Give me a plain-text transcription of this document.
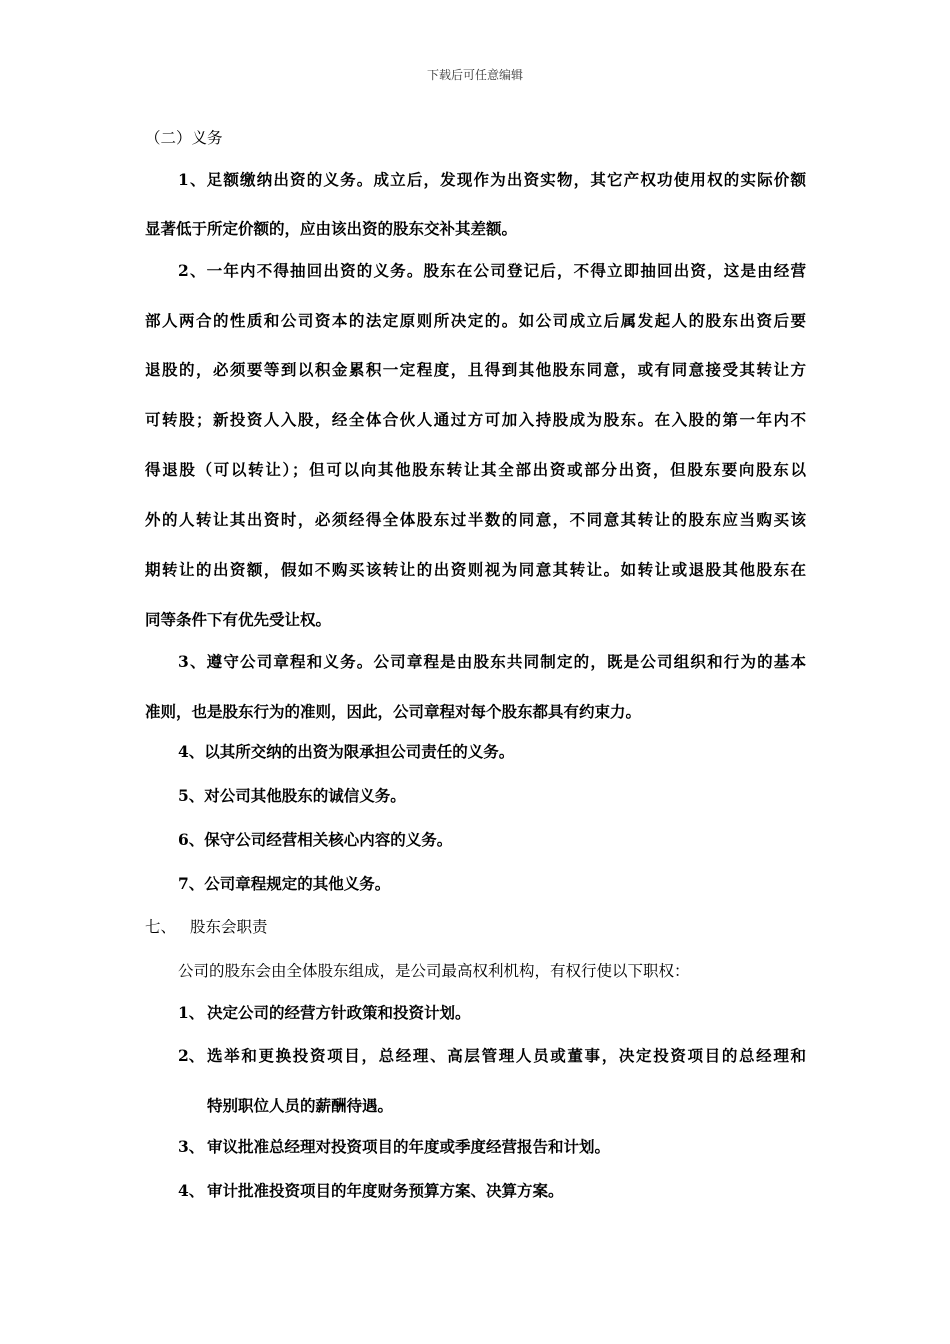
下载后可任意编辑
（二）义务
1、足额缴纳出资的义务。成立后，发现作为出资实物，其它产权功使用权的实际价额
显著低于所定价额的，应由该出资的股东交补其差额。
2、一年内不得抽回出资的义务。股东在公司登记后，不得立即抽回出资，这是由经营
部人两合的性质和公司资本的法定原则所决定的。如公司成立后属发起人的股东出资后要
退股的，必须要等到以积金累积一定程度，且得到其他股东同意，或有同意接受其转让方
可转股；新投资人入股，经全体合伙人通过方可加入持股成为股东。在入股的第一年内不
得退股（可以转让）；但可以向其他股东转让其全部出资或部分出资，但股东要向股东以
外的人转让其出资时，必须经得全体股东过半数的同意，不同意其转让的股东应当购买该
期转让的出资额，假如不购买该转让的出资则视为同意其转让。如转让或退股其他股东在
同等条件下有优先受让权。
3、遵守公司章程和义务。公司章程是由股东共同制定的，既是公司组织和行为的基本
准则，也是股东行为的准则，因此，公司章程对每个股东都具有约束力。
4、以其所交纳的出资为限承担公司责任的义务。
5、对公司其他股东的诚信义务。
6、保守公司经营相关核心内容的义务。
7、公司章程规定的其他义务。
七、 股东会职责
公司的股东会由全体股东组成，是公司最高权利机构，有权行使以下职权：
1、 决定公司的经营方针政策和投资计划。
2、 选举和更换投资项目，总经理、高层管理人员或董事，决定投资项目的总经理和
特别职位人员的薪酬待遇。
3、 审议批准总经理对投资项目的年度或季度经营报告和计划。
4、 审计批准投资项目的年度财务预算方案、决算方案。
